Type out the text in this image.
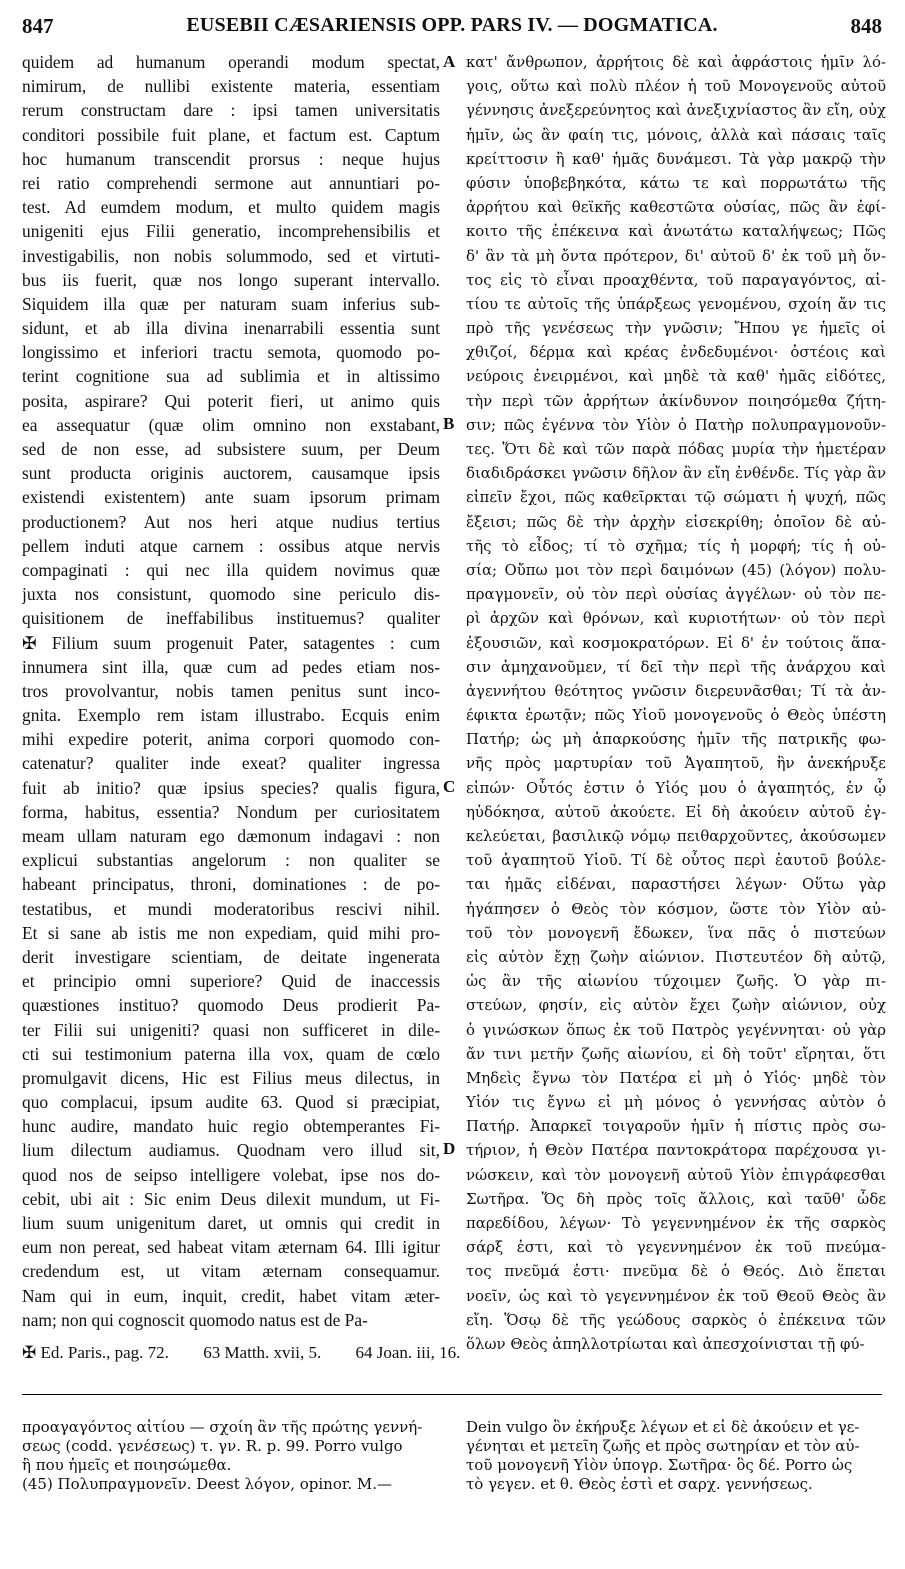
847	EUSEBII CÆSARIENSIS OPP. PARS IV. — DOGMATICA.	848
quidem ad humanum operandi modum spectat,
nimirum, de nullibi existente materia, essentiam
rerum constructam dare : ipsi tamen universitatis
conditori possibile fuit plane, et factum est. Captum
hoc humanum transcendit prorsus : neque hujus
rei ratio comprehendi sermone aut annuntiari po-
test. Ad eumdem modum, et multo quidem magis
unigeniti ejus Filii generatio, incomprehensibilis et
investigabilis, non nobis solummodo, sed et virtuti-
bus iis fuerit, quæ nos longo superant intervallo.
Siquidem illa quæ per naturam suam inferius sub-
sidunt, et ab illa divina inenarrabili essentia sunt
longissimo et inferiori tractu semota, quomodo po-
terint cognitione sua ad sublimia et in altissimo
posita, aspirare? Qui poterit fieri, ut animo quis
ea assequatur (quæ olim omnino non exstabant,
sed de non esse, ad subsistere suum, per Deum
sunt producta originis auctorem, causamque ipsis
existendi existentem) ante suam ipsorum primam
productionem? Aut nos heri atque nudius tertius
pellem induti atque carnem : ossibus atque nervis
compaginati : qui nec illa quidem novimus quæ
juxta nos consistunt, quomodo sine periculo dis-
quisitionem de ineffabilibus instituemus? qualiter
✠ Filium suum progenuit Pater, satagentes : cum
innumera sint illa, quæ cum ad pedes etiam nos-
tros provolvantur, nobis tamen penitus sunt inco-
gnita. Exemplo rem istam illustrabo. Ecquis enim
mihi expedire poterit, anima corpori quomodo con-
catenatur? qualiter inde exeat? qualiter ingressa
fuit ab initio? quæ ipsius species? qualis figura,
forma, habitus, essentia? Nondum per curiositatem
meam ullam naturam ego dæmonum indagavi : non
explicui substantias angelorum : non qualiter se
habeant principatus, throni, dominationes : de po-
testatibus, et mundi moderatoribus rescivi nihil.
Et si sane ab istis me non expediam, quid mihi pro-
derit investigare scientiam, de deitate ingenerata
et principio omni superiore? Quid de inaccessis
quæstiones instituo? quomodo Deus prodierit Pa-
ter Filii sui unigeniti? quasi non sufficeret in dile-
cti sui testimonium paterna illa vox, quam de cœlo
promulgavit dicens, Hic est Filius meus dilectus, in
quo complacui, ipsum audite 63. Quod si præcipiat,
hunc audire, mandato huic regio obtemperantes Fi-
lium dilectum audiamus. Quodnam vero illud sit,
quod nos de seipso intelligere volebat, ipse nos do-
cebit, ubi ait : Sic enim Deus dilexit mundum, ut Fi-
lium suum unigenitum daret, ut omnis qui credit in
eum non pereat, sed habeat vitam æternam 64. Illi igitur
credendum est, ut vitam æternam consequamur.
Nam qui in eum, inquit, credit, habet vitam æter-
nam; non qui cognoscit quomodo natus est de Pa-
κατ' ἄνθρωπον, ἀρρήτοις δὲ καὶ ἀφράστοις ἡμῖν λό-
γοις, οὕτω καὶ πολὺ πλέον ἡ τοῦ Μονογενοῦς αὐτοῦ
γέννησις ἀνεξερεύνητος καὶ ἀνεξιχνίαστος ἂν εἴη, οὐχ
ἡμῖν, ὡς ἂν φαίη τις, μόνοις, ἀλλὰ καὶ πάσαις ταῖς
κρείττοσιν ἢ καθ' ἡμᾶς δυνάμεσι. Τὰ γὰρ μακρῷ τὴν
φύσιν ὑποβεβηκότα, κάτω τε καὶ πορρωτάτω τῆς
ἀρρήτου καὶ θεϊκῆς καθεστῶτα οὐσίας, πῶς ἂν ἐφί-
κοιτο τῆς ἐπέκεινα καὶ ἀνωτάτω καταλήψεως; Πῶς
δ' ἂν τὰ μὴ ὄντα πρότερον, δι' αὐτοῦ δ' ἐκ τοῦ μὴ ὄν-
τος εἰς τὸ εἶναι προαχθέντα, τοῦ παραγαγόντος, αἰ-
τίου τε αὐτοῖς τῆς ὑπάρξεως γενομένου, σχοίη ἄν τις
πρὸ τῆς γενέσεως τὴν γνῶσιν; Ἤπου γε ἡμεῖς οἱ
χθιζοί, δέρμα καὶ κρέας ἐνδεδυμένοι· ὀστέοις καὶ
νεύροις ἐνειρμένοι, καὶ μηδὲ τὰ καθ' ἡμᾶς εἰδότες,
τὴν περὶ τῶν ἀρρήτων ἀκίνδυνον ποιησόμεθα ζήτη-
σιν; πῶς ἐγέννα τὸν Υἱὸν ὁ Πατὴρ πολυπραγμονοῦν-
τες. Ὅτι δὲ καὶ τῶν παρὰ πόδας μυρία τὴν ἡμετέραν
διαδιδράσκει γνῶσιν δῆλον ἂν εἴη ἐνθένδε. Τίς γὰρ ἂν
εἰπεῖν ἔχοι, πῶς καθεῖρκται τῷ σώματι ἡ ψυχή, πῶς
ἔξεισι; πῶς δὲ τὴν ἀρχὴν εἰσεκρίθη; ὁποῖον δὲ αὐ-
τῆς τὸ εἶδος; τί τὸ σχῆμα; τίς ἡ μορφή; τίς ἡ οὐ-
σία; Οὔπω μοι τὸν περὶ δαιμόνων (45) (λόγον) πολυ-
πραγμονεῖν, οὐ τὸν περὶ οὐσίας ἀγγέλων· οὐ τὸν πε-
ρὶ ἀρχῶν καὶ θρόνων, καὶ κυριοτήτων· οὐ τὸν περὶ
ἐξουσιῶν, καὶ κοσμοκρατόρων. Εἰ δ' ἐν τούτοις ἅπα-
σιν ἀμηχανοῦμεν, τί δεῖ τὴν περὶ τῆς ἀνάρχου καὶ
ἀγεννήτου θεότητος γνῶσιν διερευνᾶσθαι; Τί τὰ ἀν-
έφικτα ἐρωτᾷν; πῶς Υἱοῦ μονογενοῦς ὁ Θεὸς ὑπέστη
Πατήρ; ὡς μὴ ἀπαρκούσης ἡμῖν τῆς πατρικῆς φω-
νῆς πρὸς μαρτυρίαν τοῦ Ἀγαπητοῦ, ἣν ἀνεκήρυξε
εἰπών· Οὗτός ἐστιν ὁ Υἱός μου ὁ ἀγαπητός, ἐν ᾧ
ηὐδόκησα, αὐτοῦ ἀκούετε. Εἰ δὴ ἀκούειν αὐτοῦ ἐγ-
κελεύεται, βασιλικῷ νόμῳ πειθαρχοῦντες, ἀκούσωμεν
τοῦ ἀγαπητοῦ Υἱοῦ. Τί δὲ οὗτος περὶ ἑαυτοῦ βούλε-
ται ἡμᾶς εἰδέναι, παραστήσει λέγων· Οὕτω γὰρ
ἠγάπησεν ὁ Θεὸς τὸν κόσμον, ὥστε τὸν Υἱὸν αὐ-
τοῦ τὸν μονογενῆ ἔδωκεν, ἵνα πᾶς ὁ πιστεύων
εἰς αὐτὸν ἔχῃ ζωὴν αἰώνιον. Πιστευτέον δὴ αὐτῷ,
ὡς ἂν τῆς αἰωνίου τύχοιμεν ζωῆς. Ὁ γὰρ πι-
στεύων, φησίν, εἰς αὐτὸν ἔχει ζωὴν αἰώνιον, οὐχ
ὁ γινώσκων ὅπως ἐκ τοῦ Πατρὸς γεγέννηται· οὐ γὰρ
ἄν τινι μετῆν ζωῆς αἰωνίου, εἰ δὴ τοῦτ' εἴρηται, ὅτι
Μηδεὶς ἔγνω τὸν Πατέρα εἰ μὴ ὁ Υἱός· μηδὲ τὸν
Υἱόν τις ἔγνω εἰ μὴ μόνος ὁ γεννήσας αὐτὸν ὁ
Πατήρ. Ἀπαρκεῖ τοιγαροῦν ἡμῖν ἡ πίστις πρὸς σω-
τήριον, ἡ Θεὸν Πατέρα παντοκράτορα παρέχουσα γι-
νώσκειν, καὶ τὸν μονογενῆ αὐτοῦ Υἱὸν ἐπιγράφεσθαι
Σωτῆρα. Ὅς δὴ πρὸς τοῖς ἄλλοις, καὶ ταῦθ' ὧδε
παρεδίδου, λέγων· Τὸ γεγεννημένον ἐκ τῆς σαρκὸς
σάρξ ἐστι, καὶ τὸ γεγεννημένον ἐκ τοῦ πνεύμα-
τος πνεῦμά ἐστι· πνεῦμα δὲ ὁ Θεός. Διὸ ἕπεται
νοεῖν, ὡς καὶ τὸ γεγεννημένον ἐκ τοῦ Θεοῦ Θεὸς ἂν
εἴη. Ὅσῳ δὲ τῆς γεώδους σαρκὸς ὁ ἐπέκεινα τῶν
ὅλων Θεὸς ἀπηλλοτρίωται καὶ ἀπεσχοίνισται τῇ φύ-
A
B
C
D
✠ Ed. Paris., pag. 72. 63 Matth. xvii, 5. 64 Joan. iii, 16.
προαγαγόντος αἰτίου — σχοίη ἂν τῆς πρώτης γεννή-
σεως (codd. γενέσεως) τ. γν. R. p. 99. Porro vulgo
ἢ που ἡμεῖς et ποιησώμεθα.
(45) Πολυπραγμονεῖν. Deest λόγον, opinor. M.—
Dein vulgo ὃν ἐκήρυξε λέγων et εἰ δὲ ἀκούειν et γε-
γένηται et μετεῖη ζωῆς et πρὸς σωτηρίαν et τὸν αὐ-
τοῦ μονογενῆ Υἱὸν ὑπογρ. Σωτῆρα· ὃς δέ. Porro ὡς
τὸ γεγεν. et θ. Θεὸς ἐστὶ et σαρχ. γεννήσεως.
